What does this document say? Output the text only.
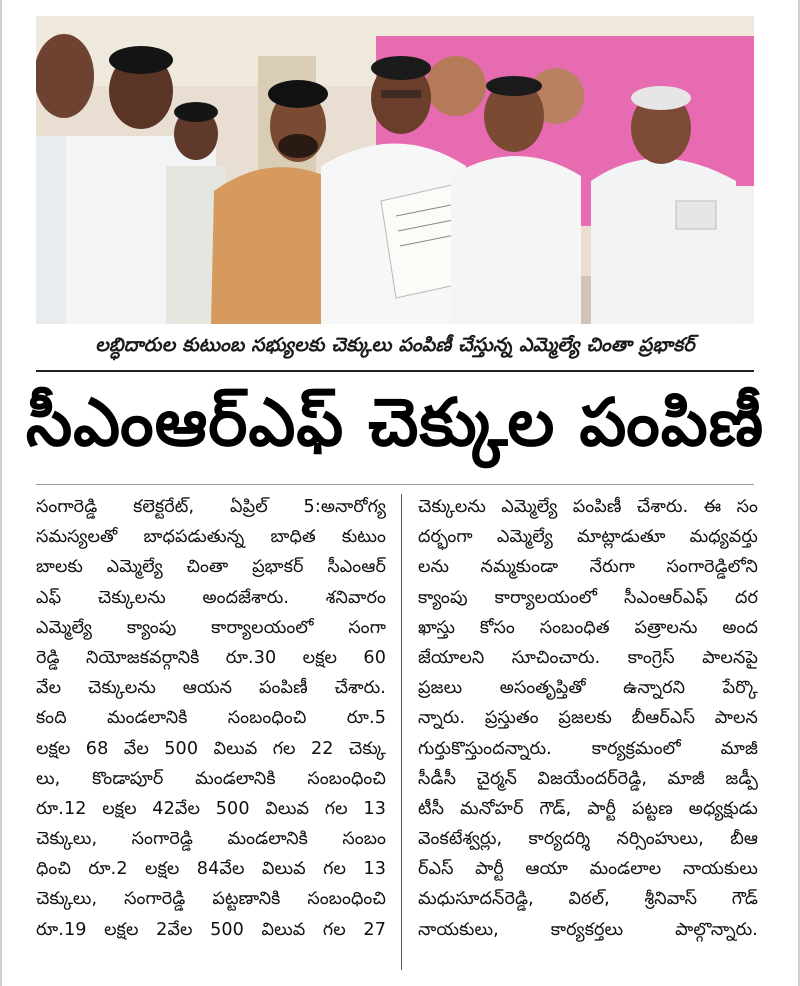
లబ్ధిదారుల కుటుంబ సభ్యులకు చెక్కులు పంపిణీ చేస్తున్న ఎమ్మెల్యే చింతా ప్రభాకర్
సీఎంఆర్‌ఎఫ్ చెక్కుల పంపిణీ
సంగారెడ్డి కలెక్టరేట్, ఏప్రిల్ 5:అనారోగ్య
సమస్యలతో బాధపడుతున్న బాధిత కుటుం
బాలకు ఎమ్మెల్యే చింతా ప్రభాకర్ సీఎంఆర్
ఎఫ్ చెక్కులను అందజేశారు. శనివారం
ఎమ్మెల్యే క్యాంపు కార్యాలయంలో సంగా
రెడ్డి నియోజకవర్గానికి రూ.30 లక్షల 60
వేల చెక్కులను ఆయన పంపిణీ చేశారు.
కంది మండలానికి సంబంధించి రూ.5
లక్షల 68 వేల 500 విలువ గల 22 చెక్కు
లు, కొండాపూర్ మండలానికి సంబంధించి
రూ.12 లక్షల 42వేల 500 విలువ గల 13
చెక్కులు, సంగారెడ్డి మండలానికి సంబం
ధించి రూ.2 లక్షల 84వేల విలువ గల 13
చెక్కులు, సంగారెడ్డి పట్టణానికి సంబంధించి
రూ.19 లక్షల 2వేల 500 విలువ గల 27
చెక్కులను ఎమ్మెల్యే పంపిణీ చేశారు. ఈ సం
దర్భంగా ఎమ్మెల్యే మాట్లాడుతూ మధ్యవర్తు
లను నమ్మకుండా నేరుగా సంగారెడ్డిలోని
క్యాంపు కార్యాలయంలో సీఎంఆర్ఎఫ్ దర
ఖాస్తు కోసం సంబంధిత పత్రాలను అంద
జేయాలని సూచించారు. కాంగ్రెస్ పాలనపై
ప్రజలు అసంతృప్తితో ఉన్నారని పేర్కొ
న్నారు. ప్రస్తుతం ప్రజలకు బీఆర్ఎస్ పాలన
గుర్తుకొస్తుందన్నారు. కార్యక్రమంలో మాజీ
సీడీసీ చైర్మన్ విజయేందర్‌రెడ్డి, మాజీ జడ్పీ
టీసీ మనోహర్ గౌడ్, పార్టీ పట్టణ అధ్యక్షుడు
వెంకటేశ్వర్లు, కార్యదర్శి నర్సింహులు, బీఆ
ర్ఎస్ పార్టీ ఆయా మండలాల నాయకులు
మధుసూదన్‌రెడ్డి, విఠల్, శ్రీనివాస్ గౌడ్
నాయకులు, కార్యకర్తలు పాల్గొన్నారు.
